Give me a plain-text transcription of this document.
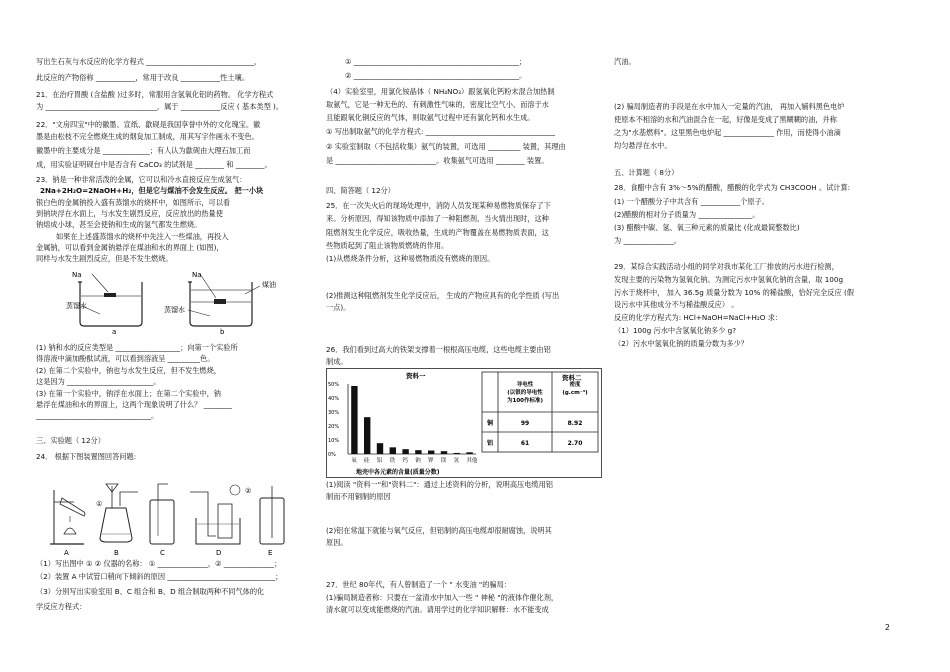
写出生石灰与水反应的化学方程式 ______________________________，
此反应的产物俗称 ___________，常用于改良 ___________性土壤。
21．在治疗胃酸 (含盐酸 )过多时，常服用含氢氧化铝的药物。 化学方程式
为 _______________________________，属于 ___________反应 ( 基本类型 )。
22．"文房四宝"中的徽墨、宣纸、歙砚是我国享誉中外的文化瑰宝。徽
墨是由松枝不完全燃烧生成的烟炱加工制成，用其写字作画永不变色。
徽墨中的主要成分是 _____________；有人认为歙砚由大理石加工而
成，用实验证明砚台中是否含有 CaCO₃ 的试剂是 ________ 和 ________。
23．钠是一种非常活泼的金属，它可以和冷水直接反应生成氢气：
2Na+2H₂O=2NaOH+H₂，但是它与煤油不会发生反应。 把一小块
银白色的金属钠投入盛有蒸馏水的烧杯中，如图所示，可以看
到钠块浮在水面上，与水发生剧烈反应，反应放出的热量使
钠熔成小球，甚至会使钠和生成的氢气都发生燃烧。
如果在上述盛蒸馏水的烧杯中先注入一些煤油，再投入
金属钠，可以看到金属钠悬浮在煤油和水的界面上 (如图)，
同样与水发生剧烈反应，但是不发生燃烧。
Na
蒸馏水
a
Na
煤油
蒸馏水
b
(1) 钠和水的反应类型是 __________________；向第一个实验所
得溶液中滴加酚酞试液，可以看到溶液呈 _________色。
(2) 在第二个实验中，钠也与水发生反应，但不发生燃烧，
这是因为 ________________________。
(3) 在第一个实验中，钠浮在水面上；在第二个实验中，钠
悬浮在煤油和水的界面上，这两个现象说明了什么？ ________
________________________________。
三、实验题（ 12分）
24． 根据下图装置图回答问题:
②
①
A	B	C	D	E
（1）写出图中 ① ② 仪器的名称： ① ______________，② ______________；
（2）装置 A 中试管口稍向下倾斜的原因 ______________________________；
（3）分别写出实验室用 B、C 组合和 B、D 组合制取两种不同气体的化
学反应方程式：
① ______________________________________________；
② ______________________________________________。
（4）实验室里，用氯化铵晶体（ NH₄NO₃）跟氢氧化钙粉末混合加热制
取氨气，它是一种无色的、有刺激性气味的，密度比空气小、而溶于水
且能跟氧化铜反应的气体，则取氨气过程中还有氯化钙和水生成。
① 写出制取氨气的化学方程式: ____________________________________
② 实验室制取（不包括收集）氨气的装置，可选用 _________ 装置，其理由
是 ____________________________。收集氨气可选用 ________ 装置。
四、简答题（ 12分）
25．在一次失火后的现场处理中，消防人员发现某种易燃物质保存了下
来。分析原因，得知该物质中添加了一种阻燃剂，当火情出现时，这种
阻燃剂发生化学反应，吸收热量，生成的产物覆盖在易燃物质表面，这
些物质起到了阻止该物质燃烧的作用。
(1)从燃烧条件分析，这种易燃物质没有燃烧的原因。
(2)推测这种阻燃剂发生化学反应后， 生成的产物应具有的化学性质 (写出
一点)。
26．我们看到过高大的铁架支撑着一根根高压电缆，这些电缆主要由铝
制成。
资料一
氧 硅 铝 铁 钙 钠 钾 镁 氢 其他
0%
10%
20%
30%
40%
50%
地壳中各元素的含量(质量分数)
资料二
导电性
(以银的导电性
为100作标准)
密度
(g.cm⁻³)
铜	99	8.92
铝	61	2.70
(1)阅读 "资料一"和"资料二"：通过上述资料的分析，说明高压电缆用铝
制而不用铜制的原因
(2)铝在常温下就能与氧气反应，但铝制的高压电缆却很耐腐蚀，说明其
原因。
27．世纪 80年代，有人曾制造了一个 " 水变油 "的骗局：
(1)骗局制造者称：只要在一盆清水中加入一些 " 神秘 "的液体作催化剂，
清水就可以变成能燃烧的汽油。请用学过的化学知识解释：水不能变成
汽油。
(2) 骗局制造者的手段是在水中加入一定量的汽油， 再加入辅料黑色电炉
使原本不相溶的水和汽油混合在一起，好像是变成了黑糊糊的油，并称
之为"水基燃料"。这里黑色电炉起 ______________ 作用，而使得小油滴
均匀悬浮在水中。
五、计算题（ 8分）
28．食醋中含有 3%～5%的醋酸，醋酸的化学式为 CH3COOH 。试计算:
(1) 一个醋酸分子中共含有 ___________个原子。
(2)醋酸的相对分子质量为 _______________。
(3) 醋酸中碳、氢、氧三种元素的质量比 (化成最简整数比)
为 ______________。
29．某综合实践活动小组的同学对我市某化工厂排放的污水进行检测，
发现主要的污染物为氢氧化钠。为测定污水中氢氧化钠的含量，取 100g
污水于烧杯中， 加入 36.5g 质量分数为 10% 的稀盐酸，恰好完全反应 (假
设污水中其他成分不与稀盐酸反应） 。
反应的化学方程式为: HCl+NaOH=NaCl+H₂O 求：
（1）100g 污水中含氢氧化钠多少 g?
（2）污水中氢氧化钠的质量分数为多少？
2
